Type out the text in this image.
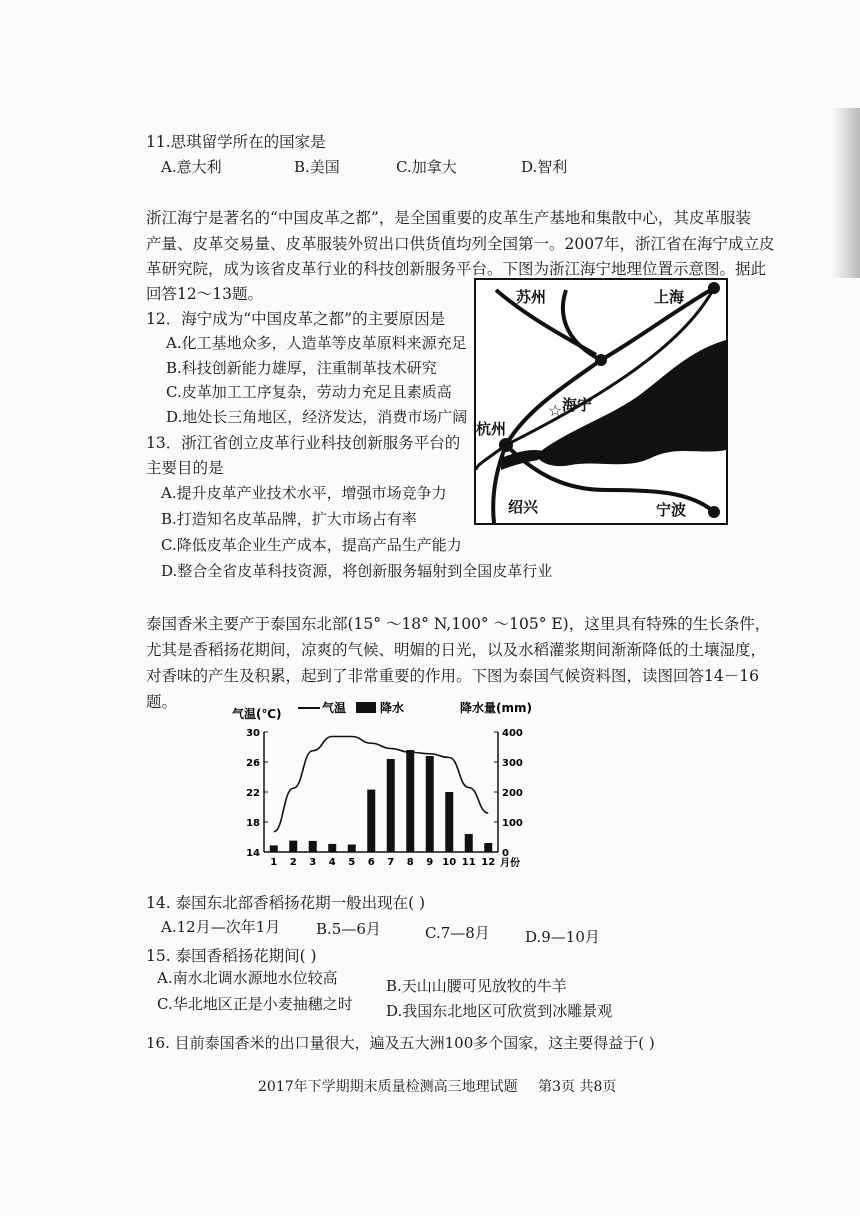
11.思琪留学所在的国家是
A.意大利	B.美国	C.加拿大	D.智利
浙江海宁是著名的“中国皮革之都”，是全国重要的皮革生产基地和集散中心，其皮革服装
产量、皮革交易量、皮革服装外贸出口供货值均列全国第一。2007年，浙江省在海宁成立皮
革研究院，成为该省皮革行业的科技创新服务平台。下图为浙江海宁地理位置示意图。据此
回答12～13题。
12．海宁成为“中国皮革之都”的主要原因是
A.化工基地众多，人造革等皮革原料来源充足
B.科技创新能力雄厚，注重制革技术研究
C.皮革加工工序复杂，劳动力充足且素质高
D.地处长三角地区，经济发达，消费市场广阔
13．浙江省创立皮革行业科技创新服务平台的
主要目的是
A.提升皮革产业技术水平，增强市场竞争力
B.打造知名皮革品牌，扩大市场占有率
C.降低皮革企业生产成本，提高产品生产能力
D.整合全省皮革科技资源，将创新服务辐射到全国皮革行业
☆
苏州	上海
海宁
杭州
绍兴	宁波
泰国香米主要产于泰国东北部(15° ～18° N,100° ～105° E)，这里具有特殊的生长条件，
尤其是香稻扬花期间，凉爽的气候、明媚的日光，以及水稻灌浆期间渐渐降低的土壤湿度，
对香味的产生及积累，起到了非常重要的作用。下图为泰国气候资料图，读图回答14－16
题。
14
18
22
26
30
0
100
200
300
400
气温(℃)	降水量(mm)
气温	降水
1 2 3 4 5 6 7 8 9 10 11 12 月份
14. 泰国东北部香稻扬花期一般出现在( )
A.12月—次年1月 B.5—6月	C.7—8月 D.9—10月
15. 泰国香稻扬花期间( )
A.南水北调水源地水位较高	B.天山山腰可见放牧的牛羊
C.华北地区正是小麦抽穗之时 D.我国东北地区可欣赏到冰雕景观
16. 目前泰国香米的出口量很大，遍及五大洲100多个国家，这主要得益于( )
2017年下学期期末质量检测高三地理试题 第3页 共8页
